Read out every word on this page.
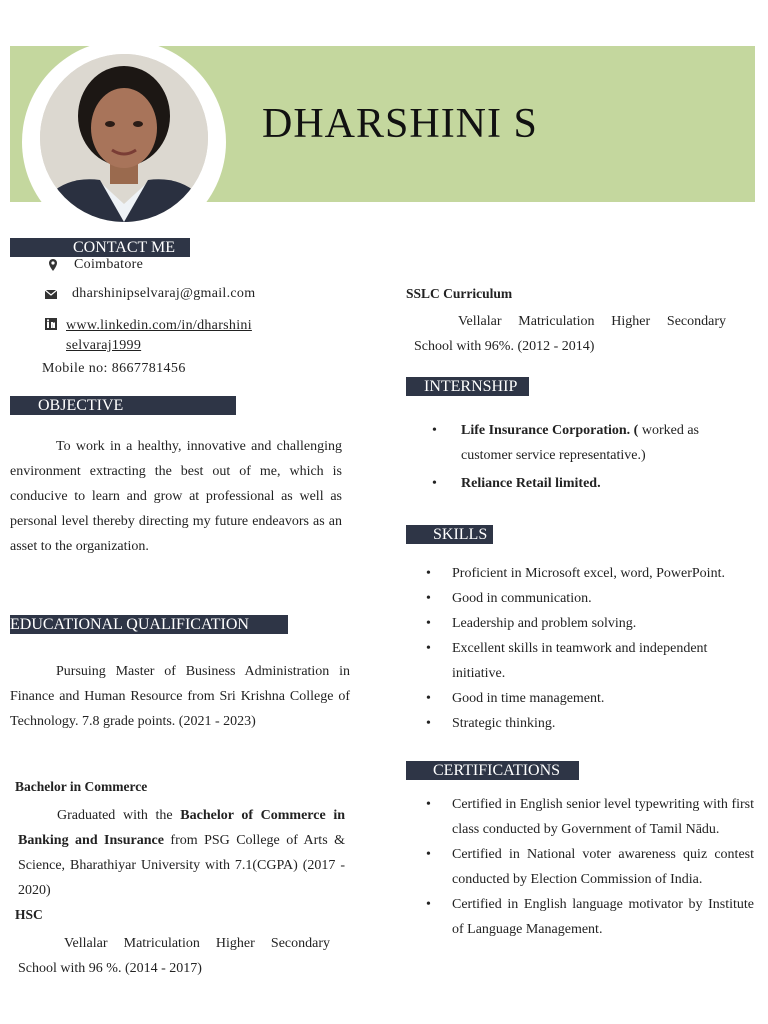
DHARSHINI S
CONTACT ME
Coimbatore
dharshinipselvaraj@gmail.com
www.linkedin.com/in/dharshini
selvaraj1999
Mobile no: 8667781456
OBJECTIVE
To work in a healthy, innovative and challenging environment extracting the best out of me, which is conducive to learn and grow at professional as well as personal level thereby directing my future endeavors as an asset to the organization.
EDUCATIONAL QUALIFICATION
Pursuing Master of Business Administration in Finance and Human Resource from Sri Krishna College of Technology. 7.8 grade points. (2021 - 2023)
Bachelor in Commerce
Graduated with the Bachelor of Commerce in Banking and Insurance from PSG College of Arts & Science, Bharathiyar University with 7.1(CGPA) (2017 - 2020)
HSC
Vellalar Matriculation Higher Secondary School with 96 %. (2014 - 2017)
SSLC Curriculum
Vellalar Matriculation Higher Secondary School with 96%. (2012 - 2014)
INTERNSHIP
• Life Insurance Corporation. ( worked as customer service representative.)
• Reliance Retail limited.
SKILLS
• Proficient in Microsoft excel, word, PowerPoint.
• Good in communication.
• Leadership and problem solving.
• Excellent skills in teamwork and independent initiative.
• Good in time management.
• Strategic thinking.
CERTIFICATIONS
• Certified in English senior level typewriting with first class conducted by Government of Tamil Nādu.
• Certified in National voter awareness quiz contest conducted by Election Commission of India.
• Certified in English language motivator by Institute of Language Management.
